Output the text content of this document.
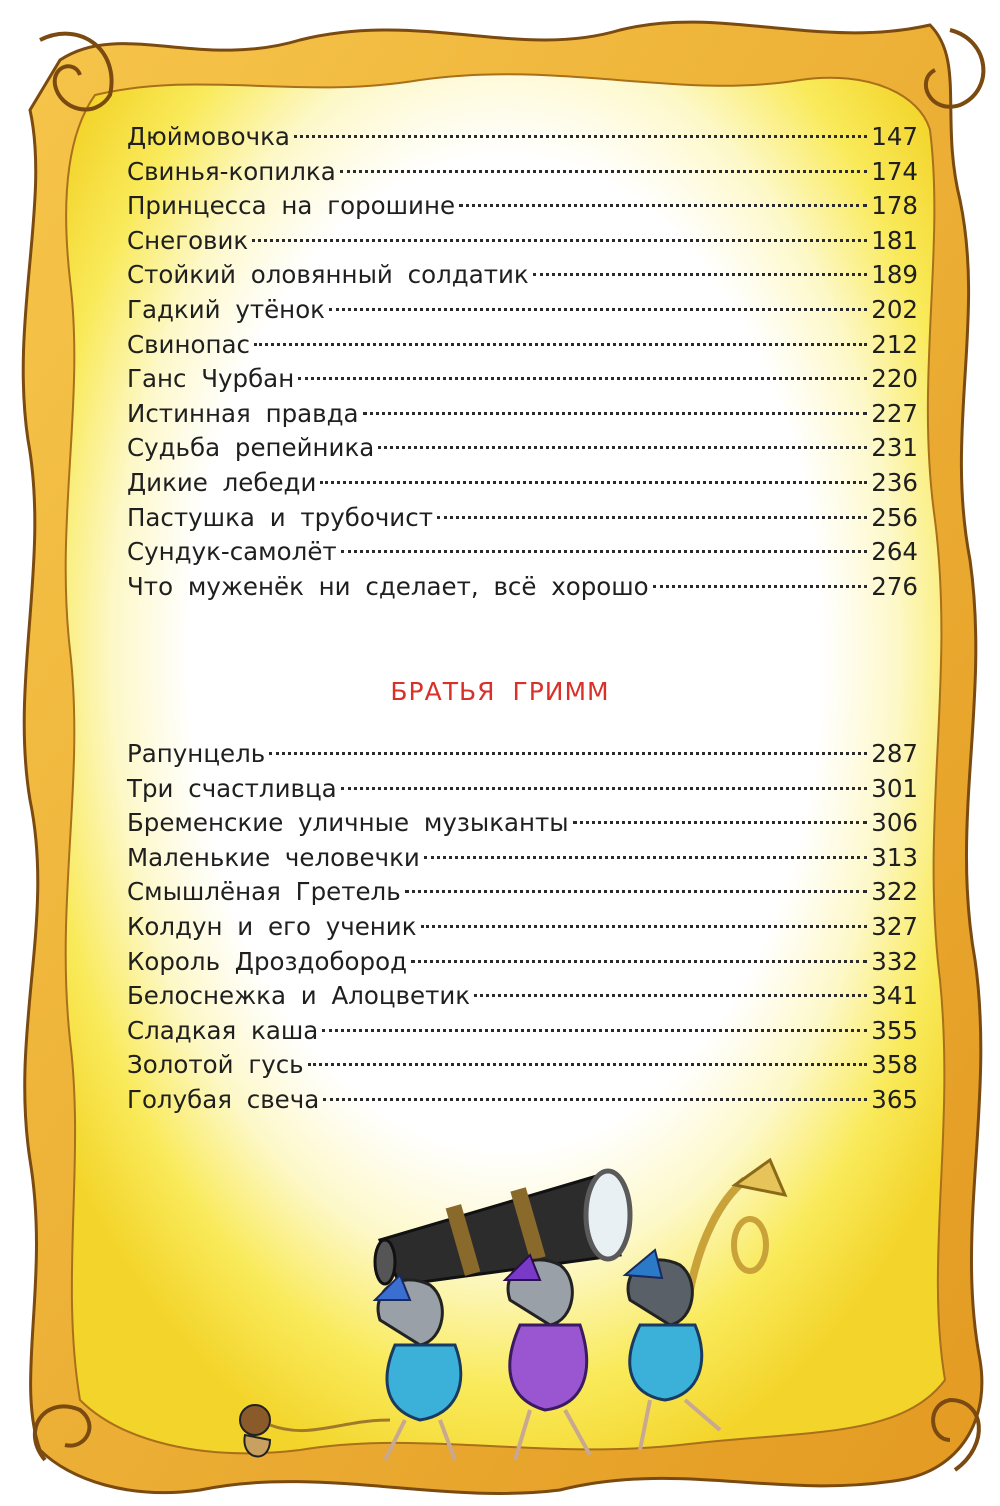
Дюймовочка	147
Свинья-копилка	174
Принцесса на горошине	178
Снеговик	181
Стойкий оловянный солдатик	189
Гадкий утёнок	202
Свинопас	212
Ганс Чурбан	220
Истинная правда	227
Судьба репейника	231
Дикие лебеди	236
Пастушка и трубочист	256
Сундук-самолёт	264
Что муженёк ни сделает, всё хорошо	276
БРАТЬЯ ГРИММ
Рапунцель	287
Три счастливца	301
Бременские уличные музыканты	306
Маленькие человечки	313
Смышлёная Гретель	322
Колдун и его ученик	327
Король Дроздобород	332
Белоснежка и Алоцветик	341
Сладкая каша	355
Золотой гусь	358
Голубая свеча	365
